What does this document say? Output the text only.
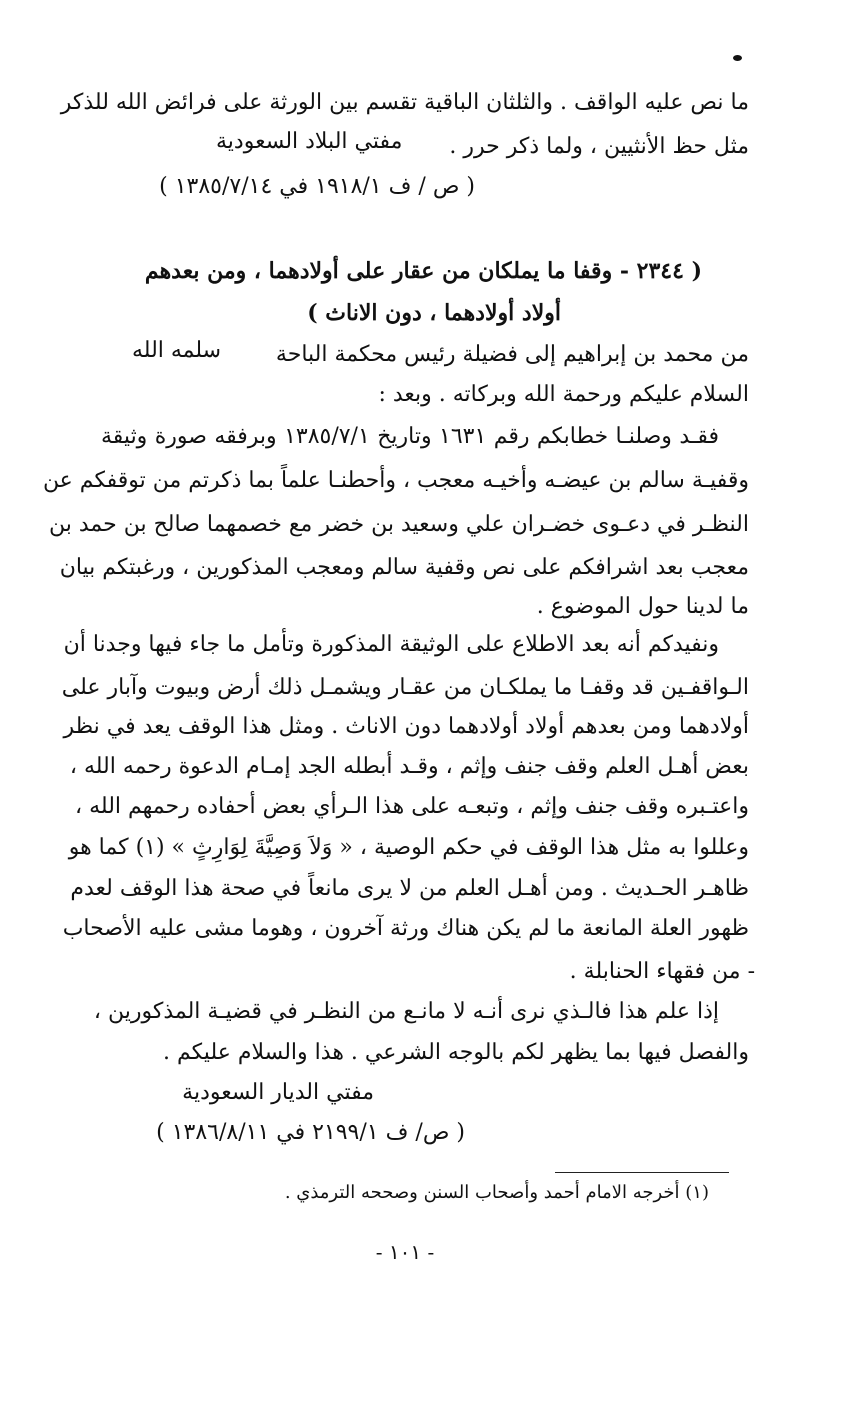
ما نص عليه الواقف . والثلثان الباقية تقسم بين الورثة على فرائض الله للذكر
مثل حظ الأنثيين ، ولما ذكر حرر .
مفتي البلاد السعودية
( ص / ف ١٩١٨/١ في ١٣٨٥/٧/١٤ )
( ٢٣٤٤ - وقفا ما يملكان من عقار على أولادهما ، ومن بعدهم
أولاد أولادهما ، دون الاناث )
من محمد بن إبراهيم إلى فضيلة رئيس محكمة الباحة
سلمه الله
السلام عليكم ورحمة الله وبركاته . وبعد :
فقـد وصلنـا خطابكم رقم ١٦٣١ وتاريخ ١٣٨٥/٧/١ وبرفقه صورة وثيقة
وقفيـة سالم بن عيضـه وأخيـه معجب ، وأحطنـا علماً بما ذكرتم من توقفكم عن
النظـر في دعـوى خضـران علي وسعيد بن خضر مع خصمهما صالح بن حمد بن
معجب بعد اشرافكم على نص وقفية سالم ومعجب المذكورين ، ورغبتكم بيان
ما لدينا حول الموضوع .
ونفيدكم أنه بعد الاطلاع على الوثيقة المذكورة وتأمل ما جاء فيها وجدنا أن
الـواقفـين قد وقفـا ما يملكـان من عقـار ويشمـل ذلك أرض وبيوت وآبار على
أولادهما ومن بعدهم أولاد أولادهما دون الاناث . ومثل هذا الوقف يعد في نظر
بعض أهـل العلم وقف جنف وإثم ، وقـد أبطله الجد إمـام الدعوة رحمه الله ،
واعتـبره وقف جنف وإثم ، وتبعـه على هذا الـرأي بعض أحفاده رحمهم الله ،
وعللوا به مثل هذا الوقف في حكم الوصية ، « وَلاَ وَصِيَّةَ لِوَارِثٍ » (١) كما هو
ظاهـر الحـديث . ومن أهـل العلم من لا يرى مانعاً في صحة هذا الوقف لعدم
ظهور العلة المانعة ما لم يكن هناك ورثة آخرون ، وهوما مشى عليه الأصحاب
- من فقهاء الحنابلة .
إذا علم هذا فالـذي نرى أنـه لا مانـع من النظـر في قضيـة المذكورين ،
والفصل فيها بما يظهر لكم بالوجه الشرعي . هذا والسلام عليكم .
مفتي الديار السعودية
( ص/ ف ٢١٩٩/١ في ١٣٨٦/٨/١١ )
(١) أخرجه الامام أحمد وأصحاب السنن وصححه الترمذي .
- ١٠١ -
